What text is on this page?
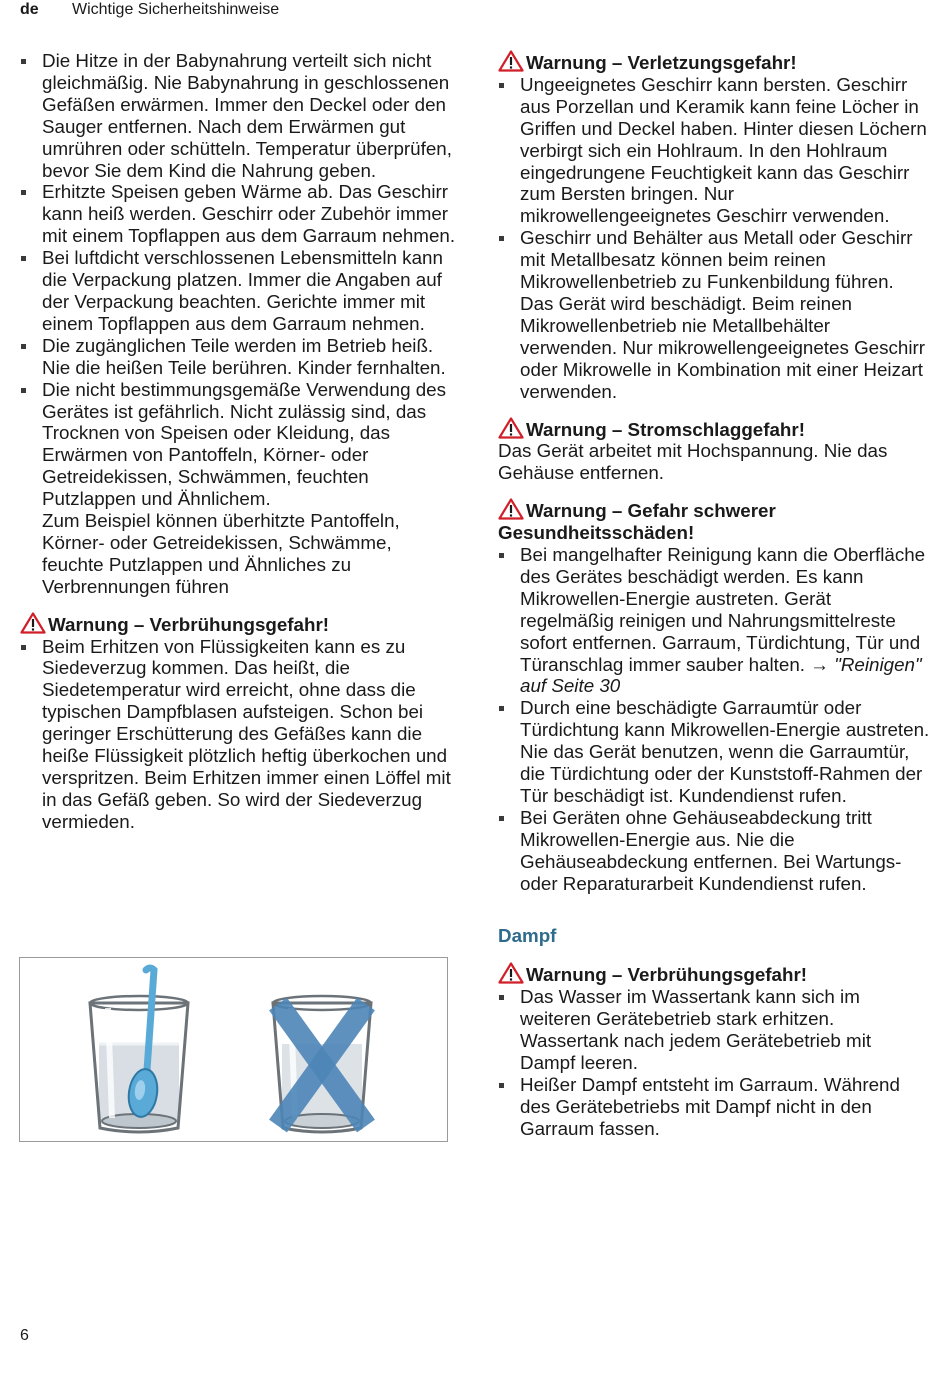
de Wichtige Sicherheitshinweise
Die Hitze in der Babynahrung verteilt sich nicht gleichmäßig. Nie Babynahrung in geschlossenen Gefäßen erwärmen. Immer den Deckel oder den Sauger entfernen. Nach dem Erwärmen gut umrühren oder schütteln. Temperatur überprüfen, bevor Sie dem Kind die Nahrung geben.
Erhitzte Speisen geben Wärme ab. Das Geschirr kann heiß werden. Geschirr oder Zubehör immer mit einem Topflappen aus dem Garraum nehmen.
Bei luftdicht verschlossenen Lebensmitteln kann die Verpackung platzen. Immer die Angaben auf der Verpackung beachten. Gerichte immer mit einem Topflappen aus dem Garraum nehmen.
Die zugänglichen Teile werden im Betrieb heiß. Nie die heißen Teile berühren. Kinder fernhalten.
Die nicht bestimmungsgemäße Verwendung des Gerätes ist gefährlich. Nicht zulässig sind, das Trocknen von Speisen oder Kleidung, das Erwärmen von Pantoffeln, Körner- oder Getreidekissen, Schwämmen, feuchten Putzlappen und Ähnlichem.
Zum Beispiel können überhitzte Pantoffeln, Körner- oder Getreidekissen, Schwämme, feuchte Putzlappen und Ähnliches zu Verbrennungen führen

Warnung – Verbrühungsgefahr!

Beim Erhitzen von Flüssigkeiten kann es zu Siedeverzug kommen. Das heißt, die Siedetemperatur wird erreicht, ohne dass die typischen Dampfblasen aufsteigen. Schon bei geringer Erschütterung des Gefäßes kann die heiße Flüssigkeit plötzlich heftig überkochen und verspritzen. Beim Erhitzen immer einen Löffel mit in das Gefäß geben. So wird der Siedeverzug vermieden.

Warnung – Verletzungsgefahr!

Ungeeignetes Geschirr kann bersten. Geschirr aus Porzellan und Keramik kann feine Löcher in Griffen und Deckel haben. Hinter diesen Löchern verbirgt sich ein Hohlraum. In den Hohlraum eingedrungene Feuchtigkeit kann das Geschirr zum Bersten bringen. Nur mikrowellengeeignetes Geschirr verwenden.
Geschirr und Behälter aus Metall oder Geschirr mit Metallbesatz können beim reinen Mikrowellenbetrieb zu Funkenbildung führen. Das Gerät wird beschädigt. Beim reinen Mikrowellenbetrieb nie Metallbehälter verwenden. Nur mikrowellengeeignetes Geschirr oder Mikrowelle in Kombination mit einer Heizart verwenden.

Warnung – Stromschlaggefahr!

Das Gerät arbeitet mit Hochspannung. Nie das Gehäuse entfernen.

Warnung – Gefahr schwerer Gesundheitsschäden!

Bei mangelhafter Reinigung kann die Oberfläche des Gerätes beschädigt werden. Es kann Mikrowellen-Energie austreten. Gerät regelmäßig reinigen und Nahrungsmittelreste sofort entfernen. Garraum, Türdichtung, Tür und Türanschlag immer sauber halten. → "Reinigen" auf Seite 30
Durch eine beschädigte Garraumtür oder Türdichtung kann Mikrowellen-Energie austreten. Nie das Gerät benutzen, wenn die Garraumtür, die Türdichtung oder der Kunststoff-Rahmen der Tür beschädigt ist. Kundendienst rufen.
Bei Geräten ohne Gehäuseabdeckung tritt Mikrowellen-Energie aus. Nie die Gehäuseabdeckung entfernen. Bei Wartungs- oder Reparaturarbeit Kundendienst rufen.

Dampf

Warnung – Verbrühungsgefahr!

Das Wasser im Wassertank kann sich im weiteren Gerätebetrieb stark erhitzen. Wassertank nach jedem Gerätebetrieb mit Dampf leeren.
Heißer Dampf entsteht im Garraum. Während des Gerätebetriebs mit Dampf nicht in den Garraum fassen.
6
